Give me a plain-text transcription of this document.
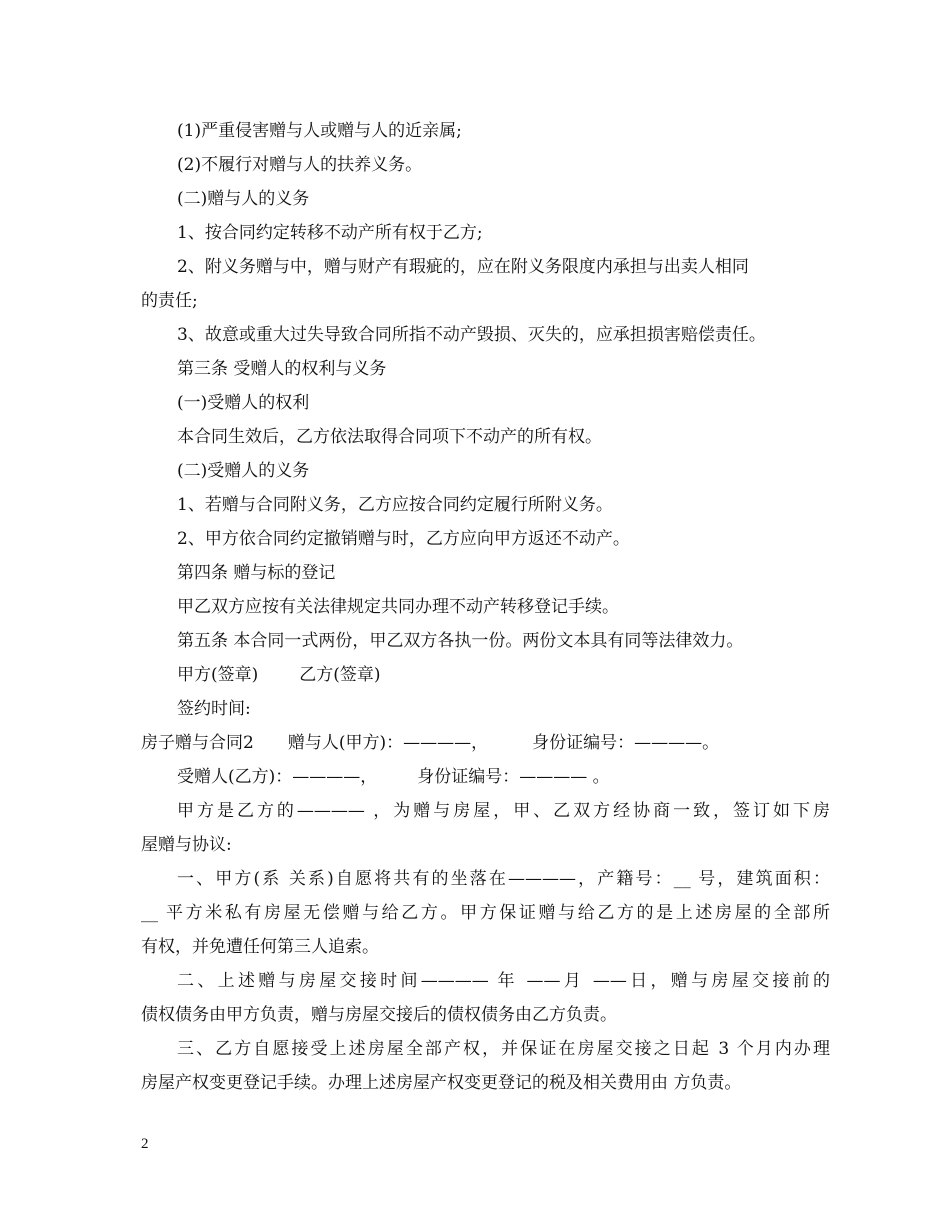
(1)严重侵害赠与人或赠与人的近亲属;
(2)不履行对赠与人的扶养义务。
(二)赠与人的义务
1、按合同约定转移不动产所有权于乙方;
2、附义务赠与中，赠与财产有瑕疵的，应在附义务限度内承担与出卖人相同
的责任;
3、故意或重大过失导致合同所指不动产毁损、灭失的，应承担损害赔偿责任。
第三条 受赠人的权利与义务
(一)受赠人的权利
本合同生效后，乙方依法取得合同项下不动产的所有权。
(二)受赠人的义务
1、若赠与合同附义务，乙方应按合同约定履行所附义务。
2、甲方依合同约定撤销赠与时，乙方应向甲方返还不动产。
第四条 赠与标的登记
甲乙双方应按有关法律规定共同办理不动产转移登记手续。
第五条 本合同一式两份，甲乙双方各执一份。两份文本具有同等法律效力。
甲方(签章) 乙方(签章)
签约时间:
房子赠与合同2 赠与人(甲方)：————，	身份证编号：————。
受赠人(乙方)：————， 身份证编号：———— 。
甲方是乙方的———— ，为赠与房屋，甲、乙双方经协商一致，签订如下房
屋赠与协议:
一、甲方(系 关系)自愿将共有的坐落在————，产籍号：__ 号，建筑面积：
__ 平方米私有房屋无偿赠与给乙方。甲方保证赠与给乙方的是上述房屋的全部所
有权，并免遭任何第三人追索。
二、上述赠与房屋交接时间———— 年 ——月 ——日，赠与房屋交接前的
债权债务由甲方负责，赠与房屋交接后的债权债务由乙方负责。
三、乙方自愿接受上述房屋全部产权，并保证在房屋交接之日起 3 个月内办理
房屋产权变更登记手续。办理上述房屋产权变更登记的税及相关费用由 方负责。
2
